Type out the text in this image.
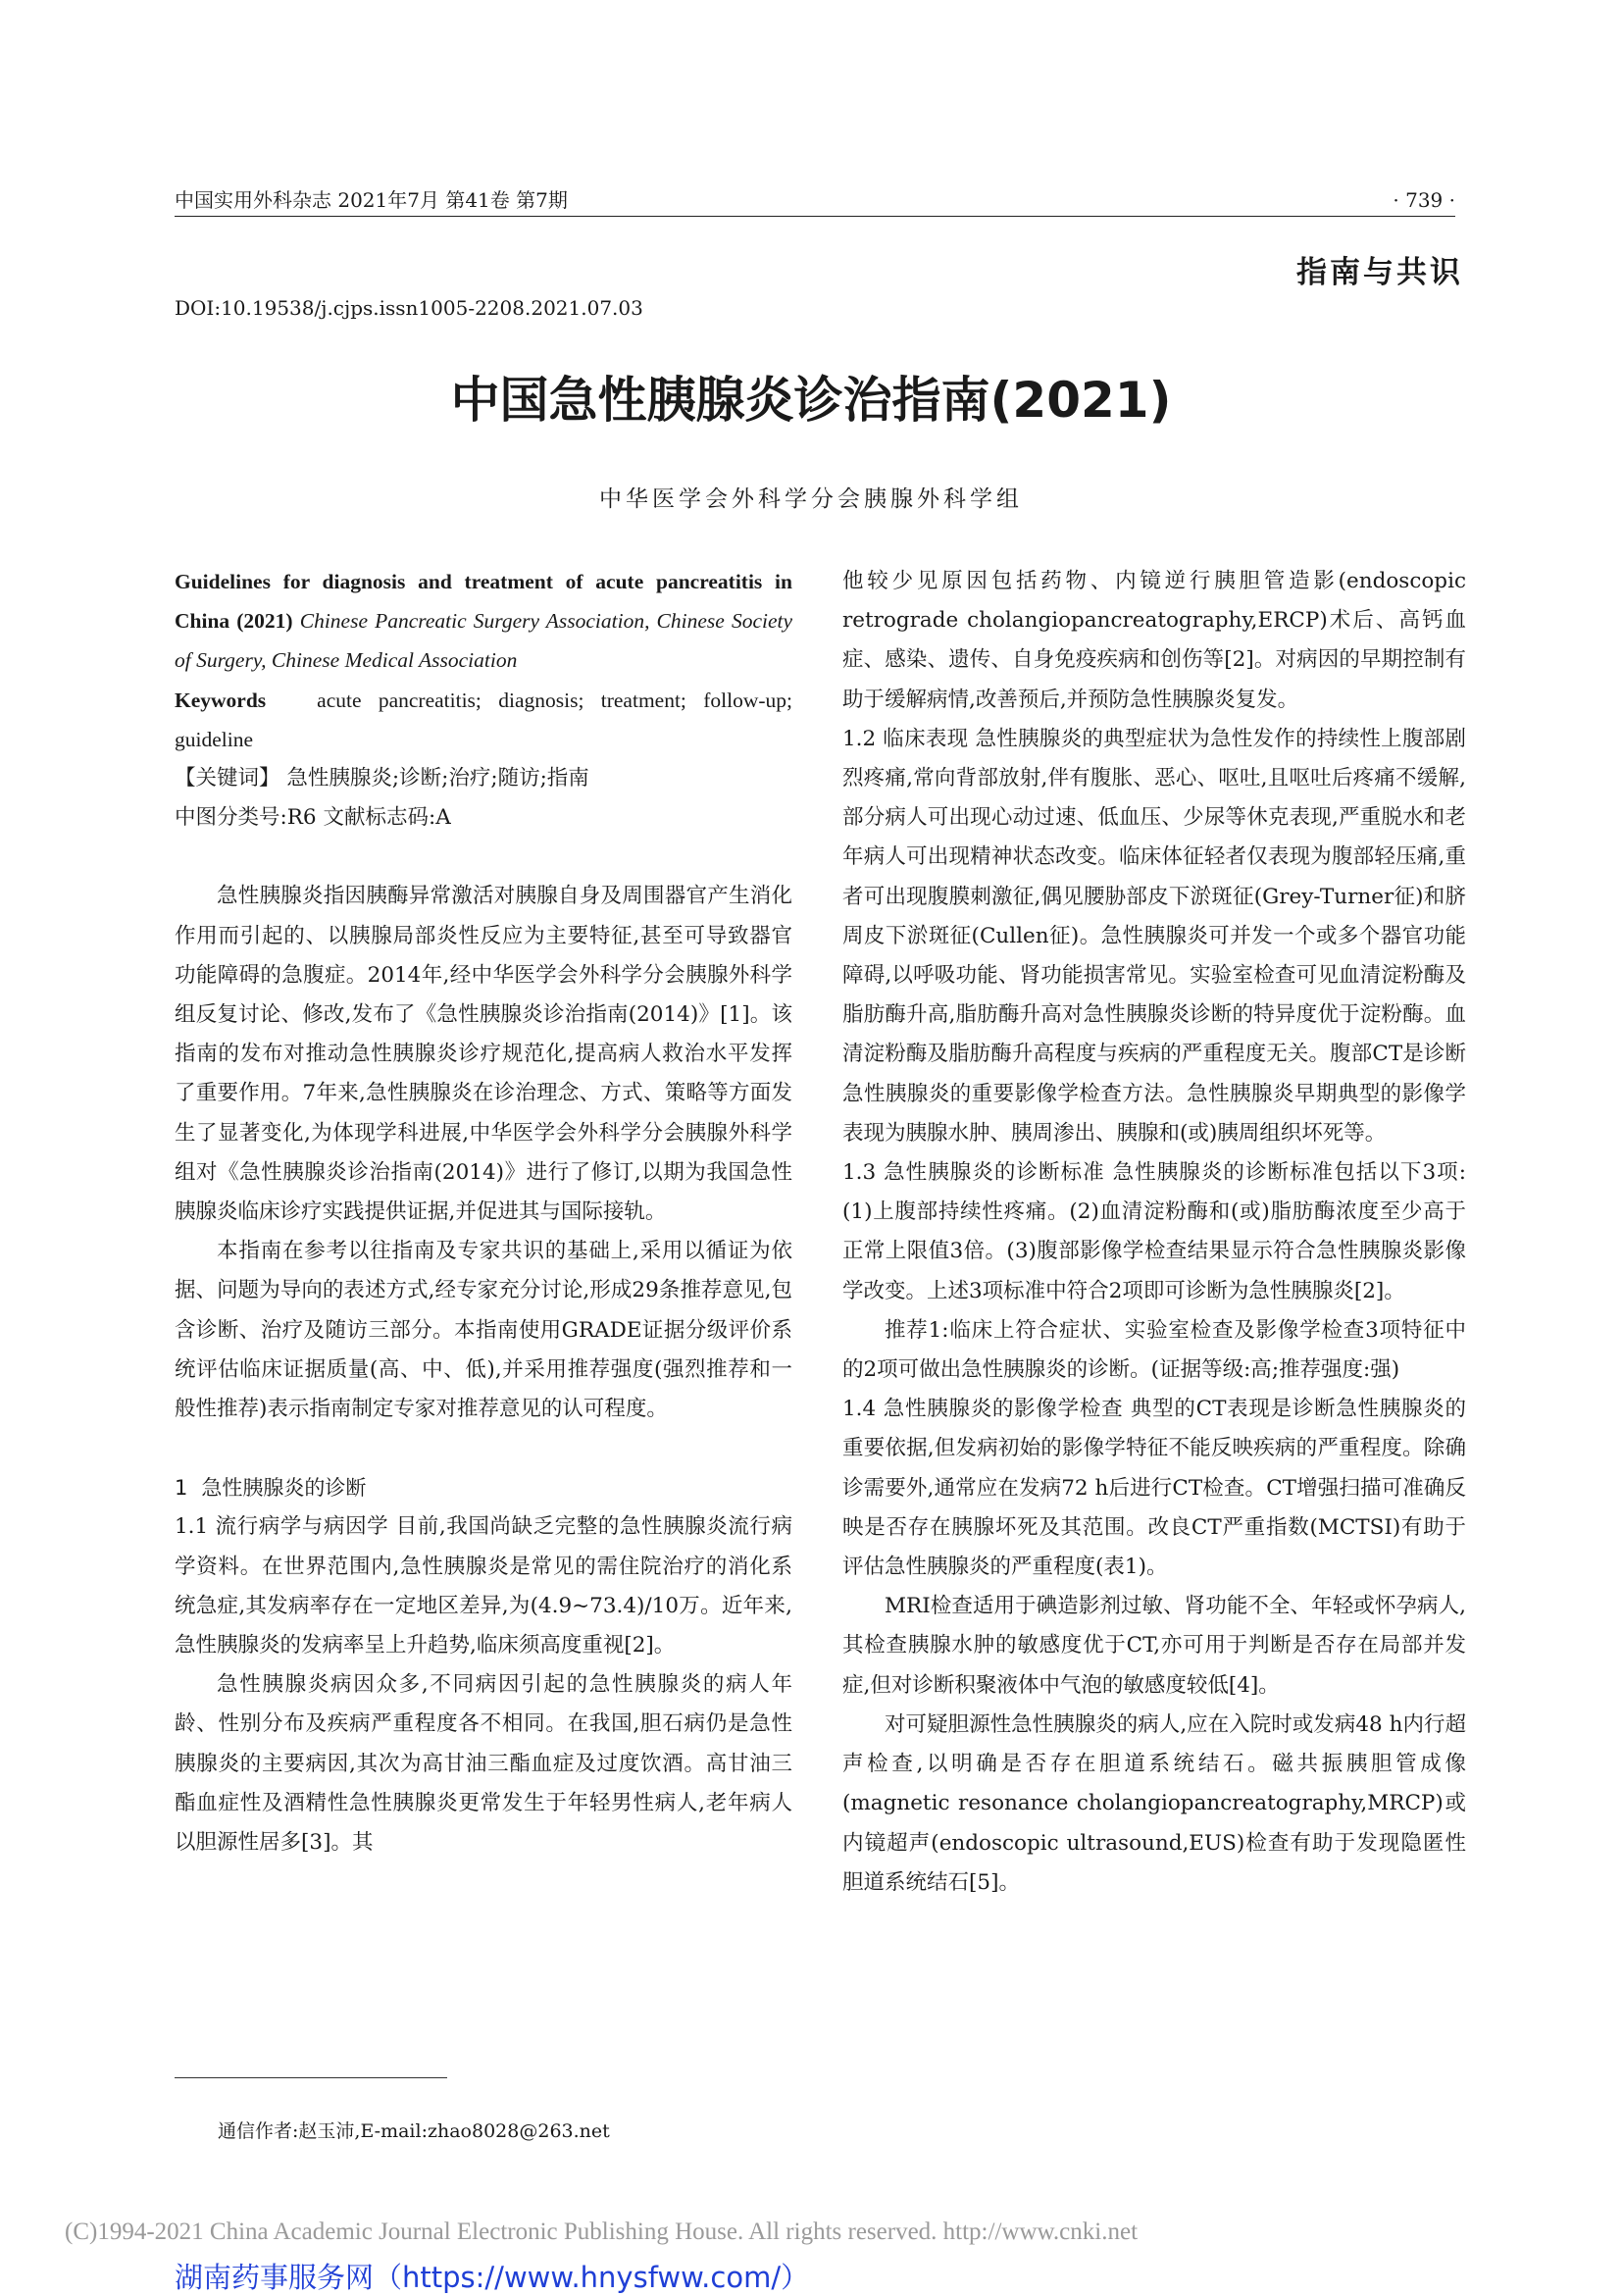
中国实用外科杂志 2021年7月 第41卷 第7期	· 739 ·
指南与共识
DOI:10.19538/j.cjps.issn1005-2208.2021.07.03
中国急性胰腺炎诊治指南(2021)
中华医学会外科学分会胰腺外科学组

Guidelines for diagnosis and treatment of acute pancreatitis in China (2021) Chinese Pancreatic Surgery Association, Chinese Society of Surgery, Chinese Medical Association

Keywords acute pancreatitis; diagnosis; treatment; follow-up; guideline

【关键词】 急性胰腺炎;诊断;治疗;随访;指南

中图分类号:R6 文献标志码:A

急性胰腺炎指因胰酶异常激活对胰腺自身及周围器官产生消化作用而引起的、以胰腺局部炎性反应为主要特征,甚至可导致器官功能障碍的急腹症。2014年,经中华医学会外科学分会胰腺外科学组反复讨论、修改,发布了《急性胰腺炎诊治指南(2014)》[1]。该指南的发布对推动急性胰腺炎诊疗规范化,提高病人救治水平发挥了重要作用。7年来,急性胰腺炎在诊治理念、方式、策略等方面发生了显著变化,为体现学科进展,中华医学会外科学分会胰腺外科学组对《急性胰腺炎诊治指南(2014)》进行了修订,以期为我国急性胰腺炎临床诊疗实践提供证据,并促进其与国际接轨。

本指南在参考以往指南及专家共识的基础上,采用以循证为依据、问题为导向的表述方式,经专家充分讨论,形成29条推荐意见,包含诊断、治疗及随访三部分。本指南使用GRADE证据分级评价系统评估临床证据质量(高、中、低),并采用推荐强度(强烈推荐和一般性推荐)表示指南制定专家对推荐意见的认可程度。

1 急性胰腺炎的诊断

1.1 流行病学与病因学 目前,我国尚缺乏完整的急性胰腺炎流行病学资料。在世界范围内,急性胰腺炎是常见的需住院治疗的消化系统急症,其发病率存在一定地区差异,为(4.9~73.4)/10万。近年来,急性胰腺炎的发病率呈上升趋势,临床须高度重视[2]。

急性胰腺炎病因众多,不同病因引起的急性胰腺炎的病人年龄、性别分布及疾病严重程度各不相同。在我国,胆石病仍是急性胰腺炎的主要病因,其次为高甘油三酯血症及过度饮酒。高甘油三酯血症性及酒精性急性胰腺炎更常发生于年轻男性病人,老年病人以胆源性居多[3]。其

他较少见原因包括药物、内镜逆行胰胆管造影(endoscopic retrograde cholangiopancreatography,ERCP)术后、高钙血症、感染、遗传、自身免疫疾病和创伤等[2]。对病因的早期控制有助于缓解病情,改善预后,并预防急性胰腺炎复发。

1.2 临床表现 急性胰腺炎的典型症状为急性发作的持续性上腹部剧烈疼痛,常向背部放射,伴有腹胀、恶心、呕吐,且呕吐后疼痛不缓解,部分病人可出现心动过速、低血压、少尿等休克表现,严重脱水和老年病人可出现精神状态改变。临床体征轻者仅表现为腹部轻压痛,重者可出现腹膜刺激征,偶见腰胁部皮下淤斑征(Grey-Turner征)和脐周皮下淤斑征(Cullen征)。急性胰腺炎可并发一个或多个器官功能障碍,以呼吸功能、肾功能损害常见。实验室检查可见血清淀粉酶及脂肪酶升高,脂肪酶升高对急性胰腺炎诊断的特异度优于淀粉酶。血清淀粉酶及脂肪酶升高程度与疾病的严重程度无关。腹部CT是诊断急性胰腺炎的重要影像学检查方法。急性胰腺炎早期典型的影像学表现为胰腺水肿、胰周渗出、胰腺和(或)胰周组织坏死等。

1.3 急性胰腺炎的诊断标准 急性胰腺炎的诊断标准包括以下3项:(1)上腹部持续性疼痛。(2)血清淀粉酶和(或)脂肪酶浓度至少高于正常上限值3倍。(3)腹部影像学检查结果显示符合急性胰腺炎影像学改变。上述3项标准中符合2项即可诊断为急性胰腺炎[2]。

推荐1:临床上符合症状、实验室检查及影像学检查3项特征中的2项可做出急性胰腺炎的诊断。(证据等级:高;推荐强度:强)

1.4 急性胰腺炎的影像学检查 典型的CT表现是诊断急性胰腺炎的重要依据,但发病初始的影像学特征不能反映疾病的严重程度。除确诊需要外,通常应在发病72 h后进行CT检查。CT增强扫描可准确反映是否存在胰腺坏死及其范围。改良CT严重指数(MCTSI)有助于评估急性胰腺炎的严重程度(表1)。

MRI检查适用于碘造影剂过敏、肾功能不全、年轻或怀孕病人,其检查胰腺水肿的敏感度优于CT,亦可用于判断是否存在局部并发症,但对诊断积聚液体中气泡的敏感度较低[4]。

对可疑胆源性急性胰腺炎的病人,应在入院时或发病48 h内行超声检查,以明确是否存在胆道系统结石。磁共振胰胆管成像(magnetic resonance cholangiopancreatography,MRCP)或内镜超声(endoscopic ultrasound,EUS)检查有助于发现隐匿性胆道系统结石[5]。

通信作者:赵玉沛,E-mail:zhao8028@263.net
(C)1994-2021 China Academic Journal Electronic Publishing House. All rights reserved. http://www.cnki.net
湖南药事服务网（https://www.hnysfww.com/）
